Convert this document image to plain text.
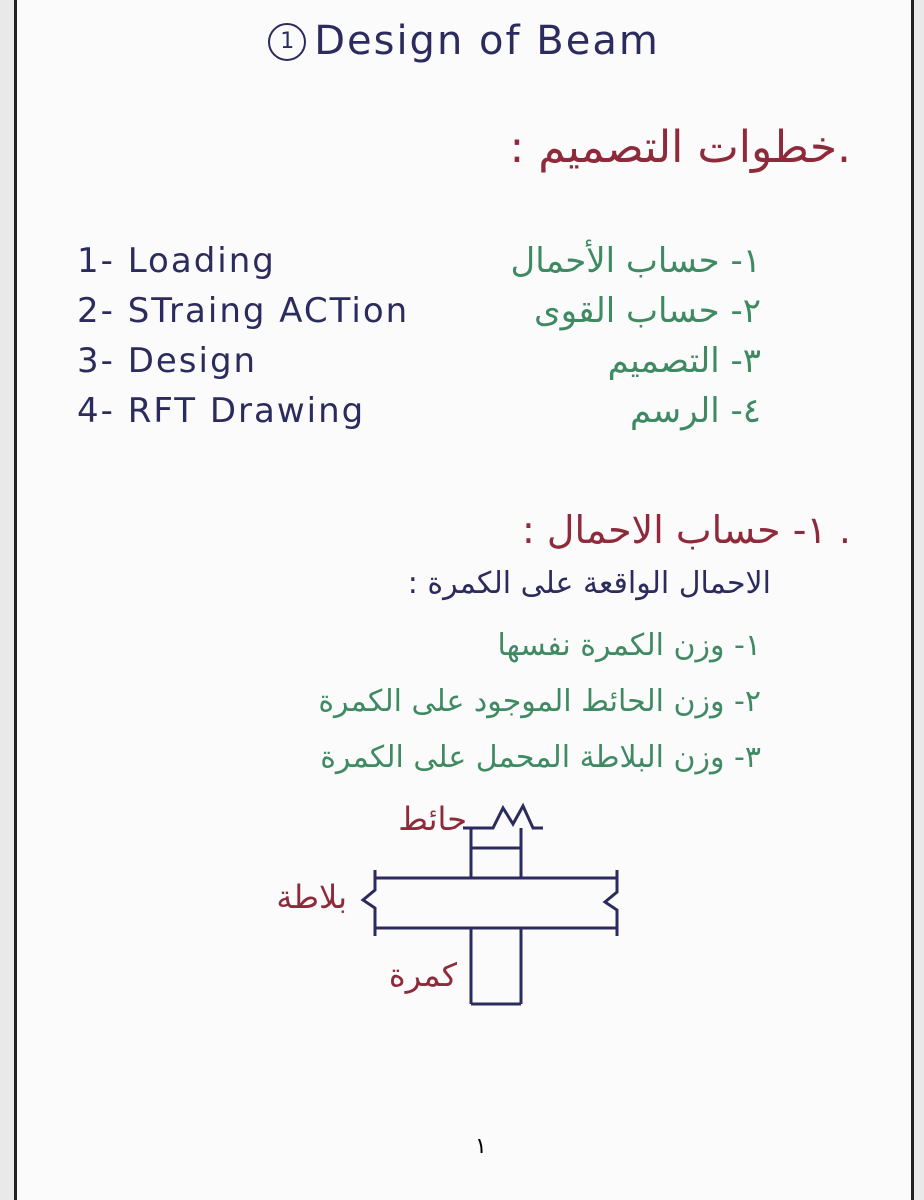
1 Design of Beam
.خطوات التصميم :
1- Loading
2- STraing ACTion
3- Design
4- RFT Drawing
١- حساب الأحمال
٢- حساب القوى
٣- التصميم
٤- الرسم
. ١- حساب الاحمال :
الاحمال الواقعة على الكمرة :
١- وزن الكمرة نفسها
٢- وزن الحائط الموجود على الكمرة
٣- وزن البلاطة المحمل على الكمرة
حائط
بلاطة
كمرة
١
